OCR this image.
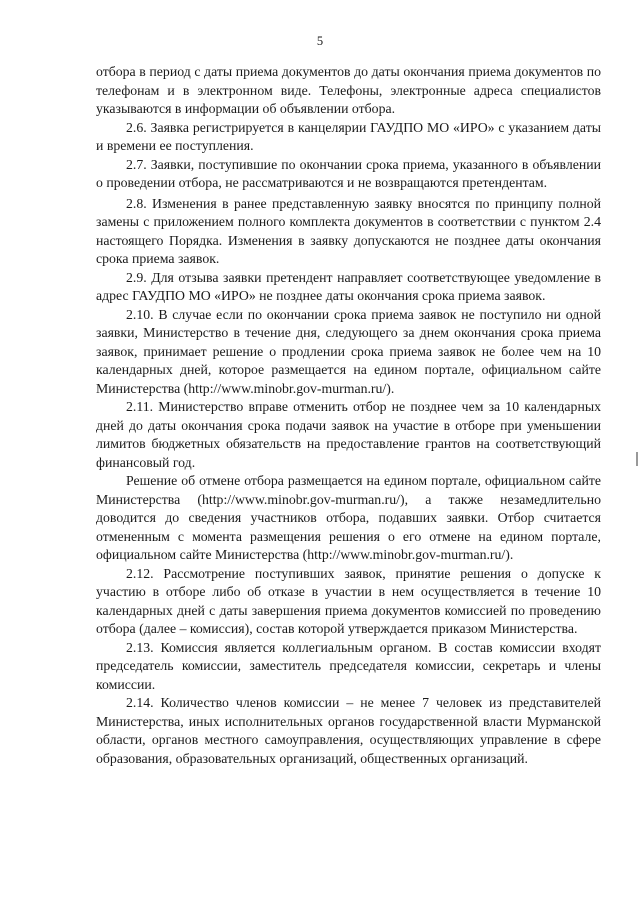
5

отбора в период с даты приема документов до даты окончания приема документов по телефонам и в электронном виде. Телефоны, электронные адреса специалистов указываются в информации об объявлении отбора.

2.6. Заявка регистрируется в канцелярии ГАУДПО МО «ИРО» с указанием даты и времени ее поступления.

2.7. Заявки, поступившие по окончании срока приема, указанного в объявлении о проведении отбора, не рассматриваются и не возвращаются претендентам.

2.8. Изменения в ранее представленную заявку вносятся по принципу полной замены с приложением полного комплекта документов в соответствии с пунктом 2.4 настоящего Порядка. Изменения в заявку допускаются не позднее даты окончания срока приема заявок.

2.9. Для отзыва заявки претендент направляет соответствующее уведомление в адрес ГАУДПО МО «ИРО» не позднее даты окончания срока приема заявок.

2.10. В случае если по окончании срока приема заявок не поступило ни одной заявки, Министерство в течение дня, следующего за днем окончания срока приема заявок, принимает решение о продлении срока приема заявок не более чем на 10 календарных дней, которое размещается на едином портале, официальном сайте Министерства (http://www.minobr.gov-murman.ru/).

2.11. Министерство вправе отменить отбор не позднее чем за 10 календарных дней до даты окончания срока подачи заявок на участие в отборе при уменьшении лимитов бюджетных обязательств на предоставление грантов на соответствующий финансовый год.

Решение об отмене отбора размещается на едином портале, официальном сайте Министерства (http://www.minobr.gov-murman.ru/), а также незамедлительно доводится до сведения участников отбора, подавших заявки. Отбор считается отмененным с момента размещения решения о его отмене на едином портале, официальном сайте Министерства (http://www.minobr.gov-murman.ru/).

2.12. Рассмотрение поступивших заявок, принятие решения о допуске к участию в отборе либо об отказе в участии в нем осуществляется в течение 10 календарных дней с даты завершения приема документов комиссией по проведению отбора (далее – комиссия), состав которой утверждается приказом Министерства.

2.13. Комиссия является коллегиальным органом. В состав комиссии входят председатель комиссии, заместитель председателя комиссии, секретарь и члены комиссии.

2.14. Количество членов комиссии – не менее 7 человек из представителей Министерства, иных исполнительных органов государственной власти Мурманской области, органов местного самоуправления, осуществляющих управление в сфере образования, образовательных организаций, общественных организаций.
